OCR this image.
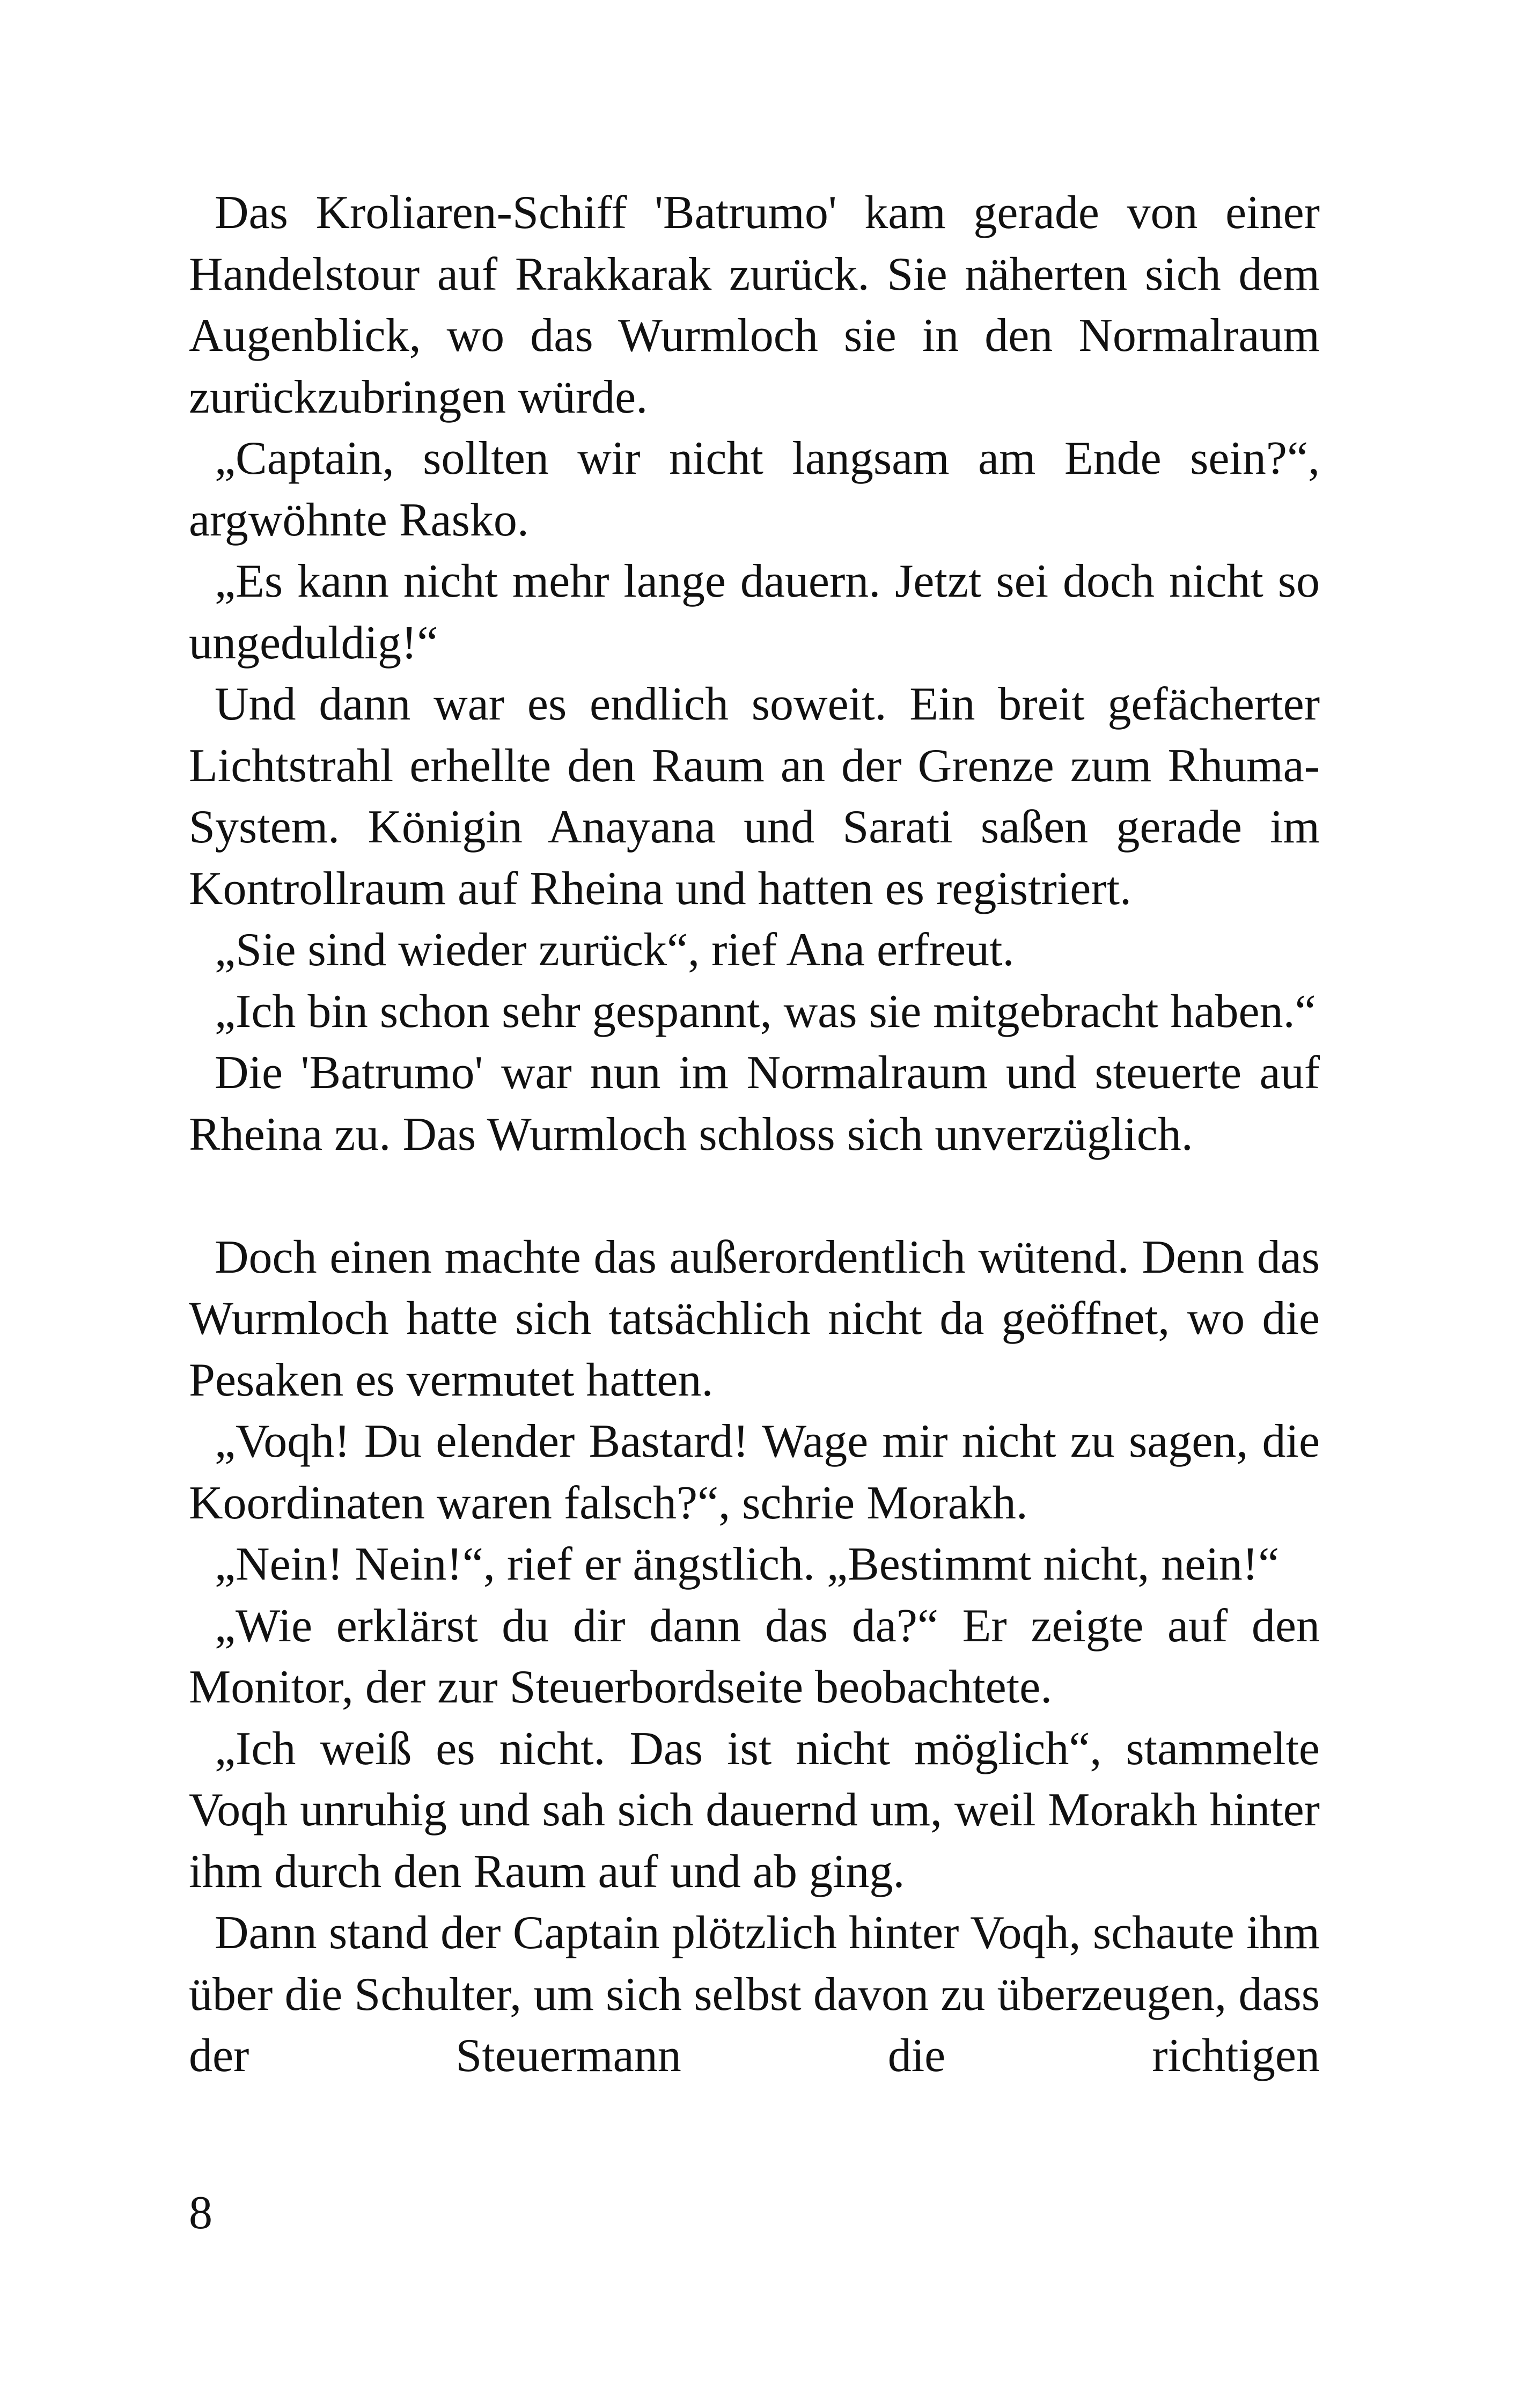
Das Kroliaren-Schiff 'Batrumo' kam gerade von einer Handelstour auf Rrakkarak zurück. Sie näherten sich dem Augenblick, wo das Wurmloch sie in den Normalraum zurückzubringen würde.

„Captain, sollten wir nicht langsam am Ende sein?“, argwöhnte Rasko.

„Es kann nicht mehr lange dauern. Jetzt sei doch nicht so ungeduldig!“

Und dann war es endlich soweit. Ein breit gefächerter Lichtstrahl erhellte den Raum an der Grenze zum Rhuma-System. Königin Anayana und Sarati saßen gerade im Kontrollraum auf Rheina und hatten es registriert.

„Sie sind wieder zurück“, rief Ana erfreut.

„Ich bin schon sehr gespannt, was sie mitgebracht haben.“

Die 'Batrumo' war nun im Normalraum und steuerte auf Rheina zu. Das Wurmloch schloss sich unverzüglich.

Doch einen machte das außerordentlich wütend. Denn das Wurmloch hatte sich tatsächlich nicht da geöffnet, wo die Pesaken es vermutet hatten.

„Voqh! Du elender Bastard! Wage mir nicht zu sagen, die Koordinaten waren falsch?“, schrie Morakh.

„Nein! Nein!“, rief er ängstlich. „Bestimmt nicht, nein!“

„Wie erklärst du dir dann das da?“ Er zeigte auf den Monitor, der zur Steuerbordseite beobachtete.

„Ich weiß es nicht. Das ist nicht möglich“, stammelte Voqh unruhig und sah sich dauernd um, weil Morakh hinter ihm durch den Raum auf und ab ging.

Dann stand der Captain plötzlich hinter Voqh, schaute ihm über die Schulter, um sich selbst davon zu überzeugen, dass der Steuermann die richtigen

8
